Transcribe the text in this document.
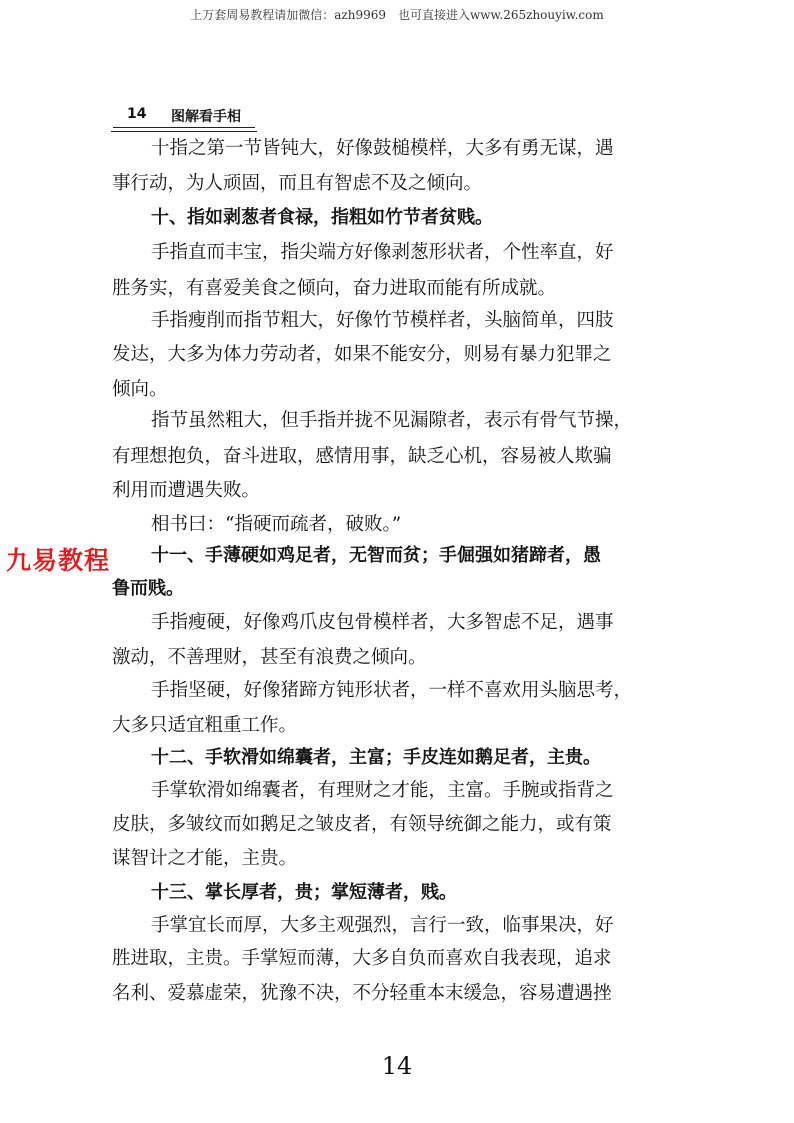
上万套周易教程请加微信：azh9969　也可直接进入www.265zhouyiw.com
14 图解看手相
十指之第一节皆钝大，好像鼓槌模样，大多有勇无谋，遇
事行动，为人顽固，而且有智虑不及之倾向。
十、指如剥葱者食禄，指粗如竹节者贫贱。
手指直而丰宝，指尖端方好像剥葱形状者，个性率直，好
胜务实，有喜爱美食之倾向，奋力进取而能有所成就。
手指瘦削而指节粗大，好像竹节模样者，头脑简单，四肢
发达，大多为体力劳动者，如果不能安分，则易有暴力犯罪之
倾向。
指节虽然粗大，但手指并拢不见漏隙者，表示有骨气节操，
有理想抱负，奋斗进取，感情用事，缺乏心机，容易被人欺骗
利用而遭遇失败。
相书曰：“指硬而疏者，破败。”
十一、手薄硬如鸡足者，无智而贫；手倔强如猪蹄者，愚
鲁而贱。
手指瘦硬，好像鸡爪皮包骨模样者，大多智虑不足，遇事
激动，不善理财，甚至有浪费之倾向。
手指坚硬，好像猪蹄方钝形状者，一样不喜欢用头脑思考，
大多只适宜粗重工作。
十二、手软滑如绵囊者，主富；手皮连如鹅足者，主贵。
手掌软滑如绵囊者，有理财之才能，主富。手腕或指背之
皮肤，多皱纹而如鹅足之皱皮者，有领导统御之能力，或有策
谋智计之才能，主贵。
十三、掌长厚者，贵；掌短薄者，贱。
手掌宜长而厚，大多主观强烈，言行一致，临事果决，好
胜进取，主贵。手掌短而薄，大多自负而喜欢自我表现，追求
名利、爱慕虚荣，犹豫不决，不分轻重本末缓急，容易遭遇挫
九易教程
14
